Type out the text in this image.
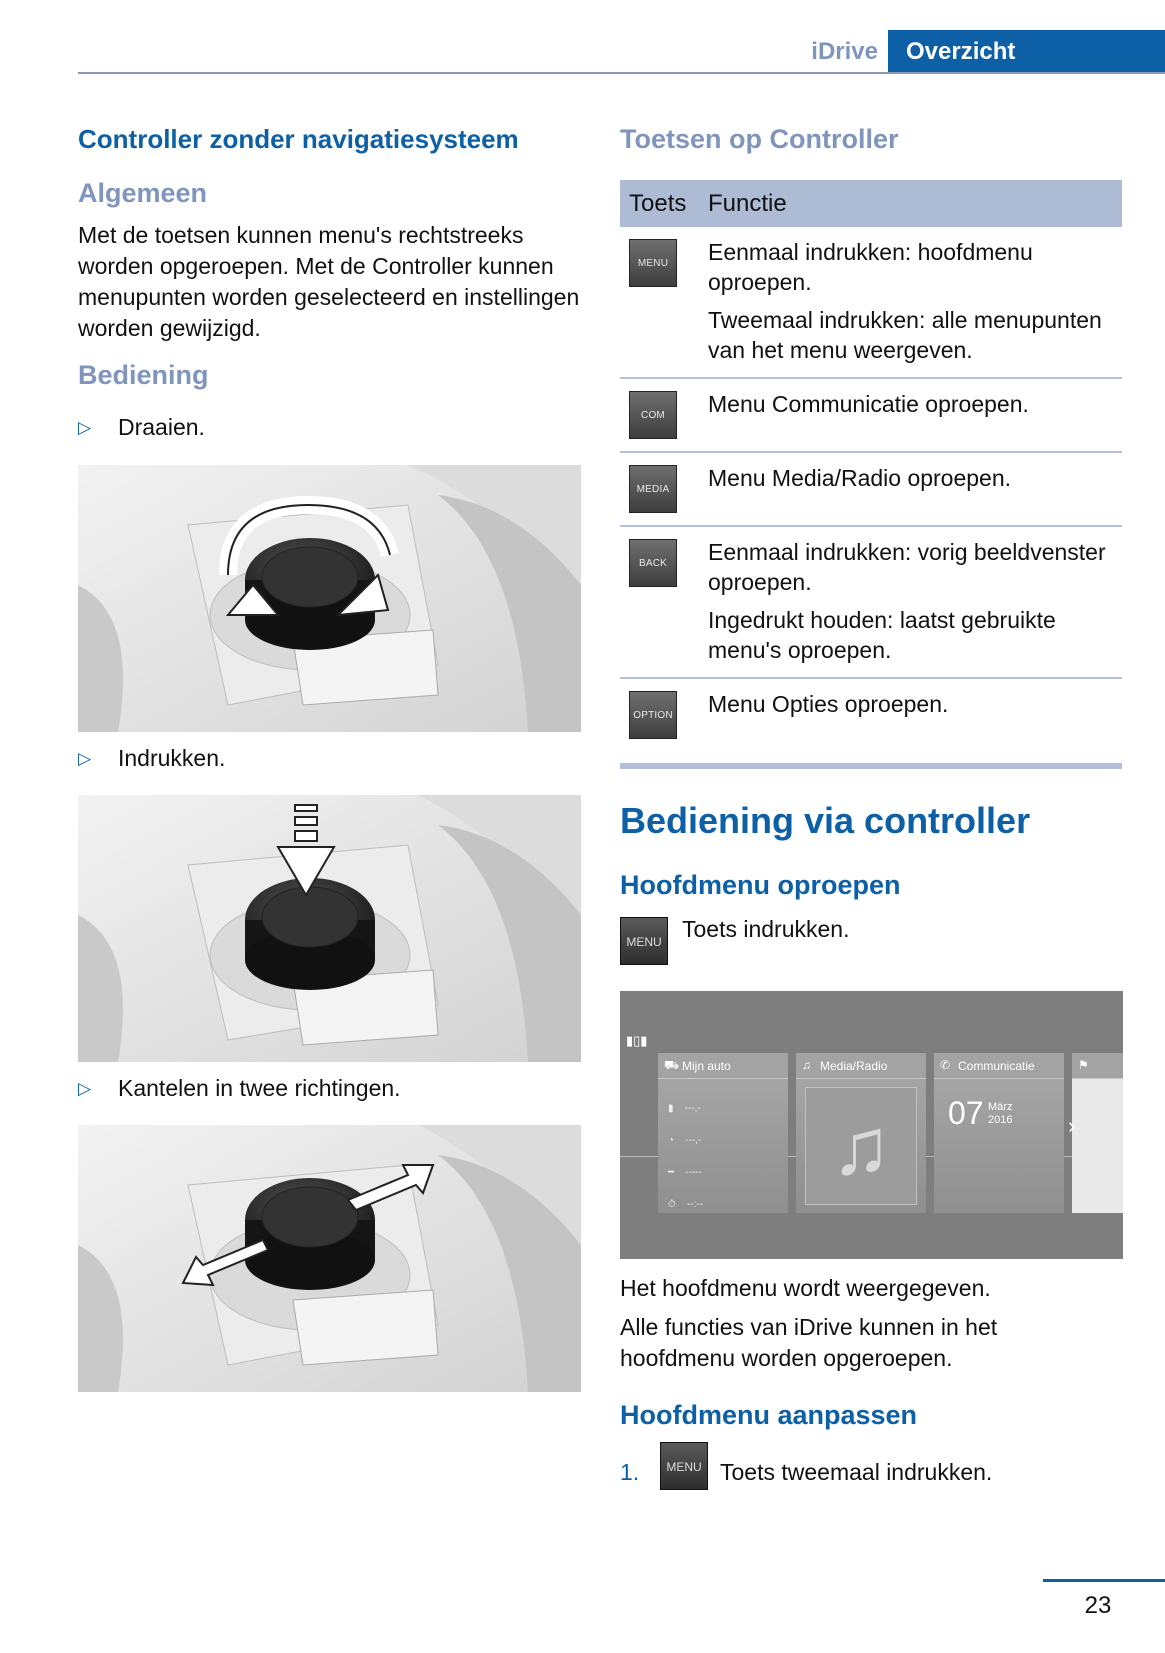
iDrive	Overzicht
Controller zonder navigatiesysteem
Algemeen
Met de toetsen kunnen menu's rechtstreeks worden opgeroepen. Met de Controller kunnen menupunten worden geselecteerd en instellingen worden gewijzigd.
Bediening
▷ Draaien.
▷ Indrukken.
▷ Kantelen in twee richtingen.
Toetsen op Controller
Toets Functie
MENU	Eenmaal indrukken: hoofdmenu oproepen.

Tweemaal indrukken: alle menupunten van het menu weergeven.

COM	Menu Communicatie oproepen.

MEDIA	Menu Media/Radio oproepen.

BACK	Eenmaal indrukken: vorig beeldvenster oproepen.

Ingedrukt houden: laatst gebruikte menu's oproepen.

OPTION Menu Opties oproepen.

Bediening via controller
Hoofdmenu oproepen
MENU Toets indrukken.
▮▯▮
⛟ Mijn auto
▮ ---,-
◔ ---,-
━ -----
⏱ --:--
♫ Media/Radio
♫
✆ Communicatie
07 März
2016
⚑
›
Het hoofdmenu wordt weergegeven.
Alle functies van iDrive kunnen in het hoofdmenu worden opgeroepen.
Hoofdmenu aanpassen
1.	MENU Toets tweemaal indrukken.
23
